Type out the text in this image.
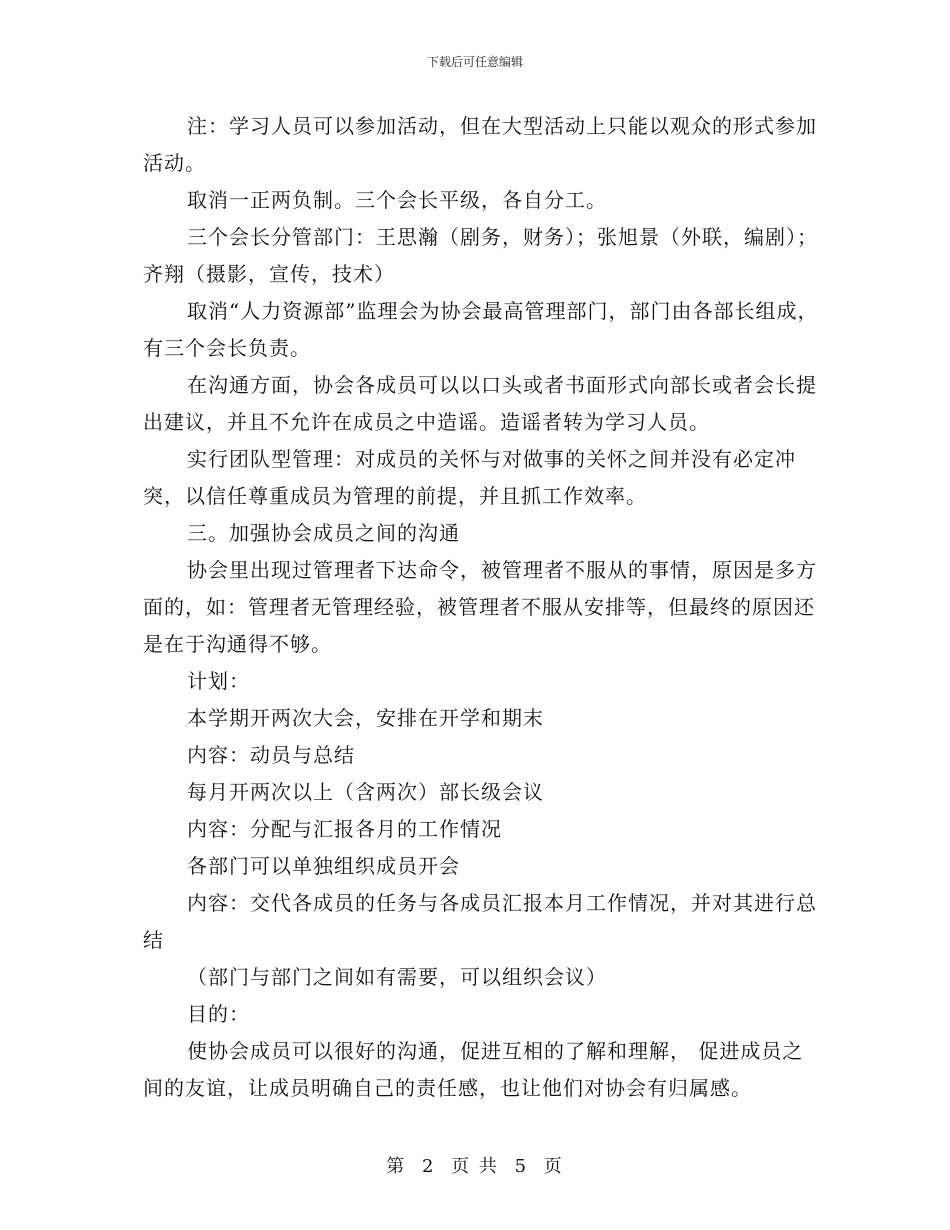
下载后可任意编辑

注：学习人员可以参加活动，但在大型活动上只能以观众的形式参加活动。

取消一正两负制。三个会长平级，各自分工。

三个会长分管部门：王思瀚（剧务，财务）；张旭景（外联，编剧）；齐翔（摄影，宣传，技术）

取消“人力资源部”监理会为协会最高管理部门，部门由各部长组成，有三个会长负责。

在沟通方面，协会各成员可以以口头或者书面形式向部长或者会长提出建议，并且不允许在成员之中造谣。造谣者转为学习人员。

实行团队型管理：对成员的关怀与对做事的关怀之间并没有必定冲突，以信任尊重成员为管理的前提，并且抓工作效率。

三。加强协会成员之间的沟通

协会里出现过管理者下达命令，被管理者不服从的事情，原因是多方面的，如：管理者无管理经验，被管理者不服从安排等，但最终的原因还是在于沟通得不够。

计划：

本学期开两次大会，安排在开学和期末

内容：动员与总结

每月开两次以上（含两次）部长级会议

内容：分配与汇报各月的工作情况

各部门可以单独组织成员开会

内容：交代各成员的任务与各成员汇报本月工作情况，并对其进行总结

（部门与部门之间如有需要，可以组织会议）

目的：

使协会成员可以很好的沟通，促进互相的了解和理解， 促进成员之间的友谊，让成员明确自己的责任感，也让他们对协会有归属感。

第 2 页 共 5 页
